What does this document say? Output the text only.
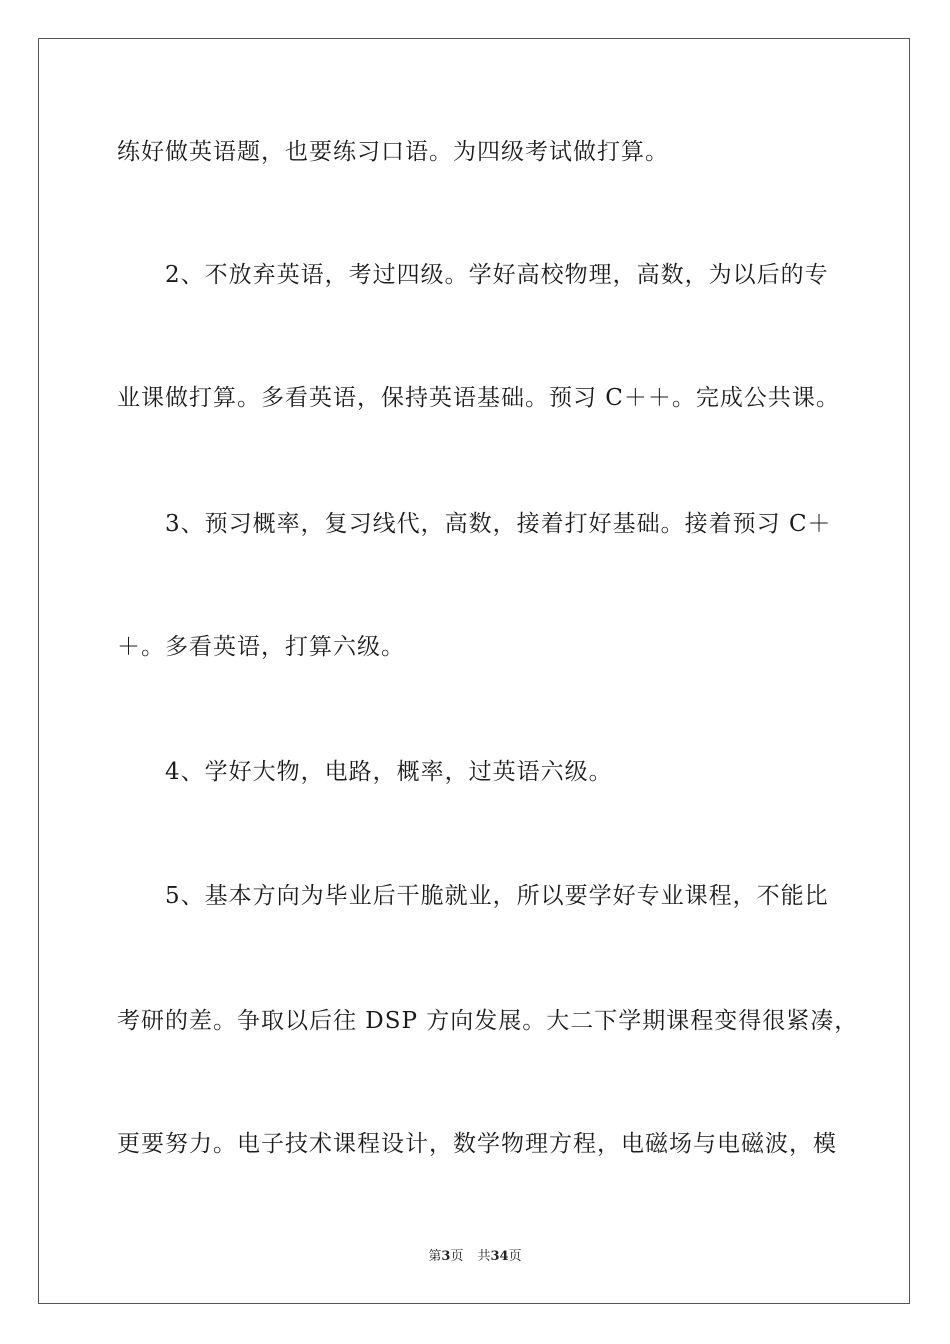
练好做英语题，也要练习口语。为四级考试做打算。
2、不放弃英语，考过四级。学好高校物理，高数，为以后的专
业课做打算。多看英语，保持英语基础。预习 C＋＋。完成公共课。
3、预习概率，复习线代，高数，接着打好基础。接着预习 C＋
＋。多看英语，打算六级。
4、学好大物，电路，概率，过英语六级。
5、基本方向为毕业后干脆就业，所以要学好专业课程，不能比
考研的差。争取以后往 DSP 方向发展。大二下学期课程变得很紧凑，
更要努力。电子技术课程设计，数学物理方程，电磁场与电磁波，模
第3页 共34页
